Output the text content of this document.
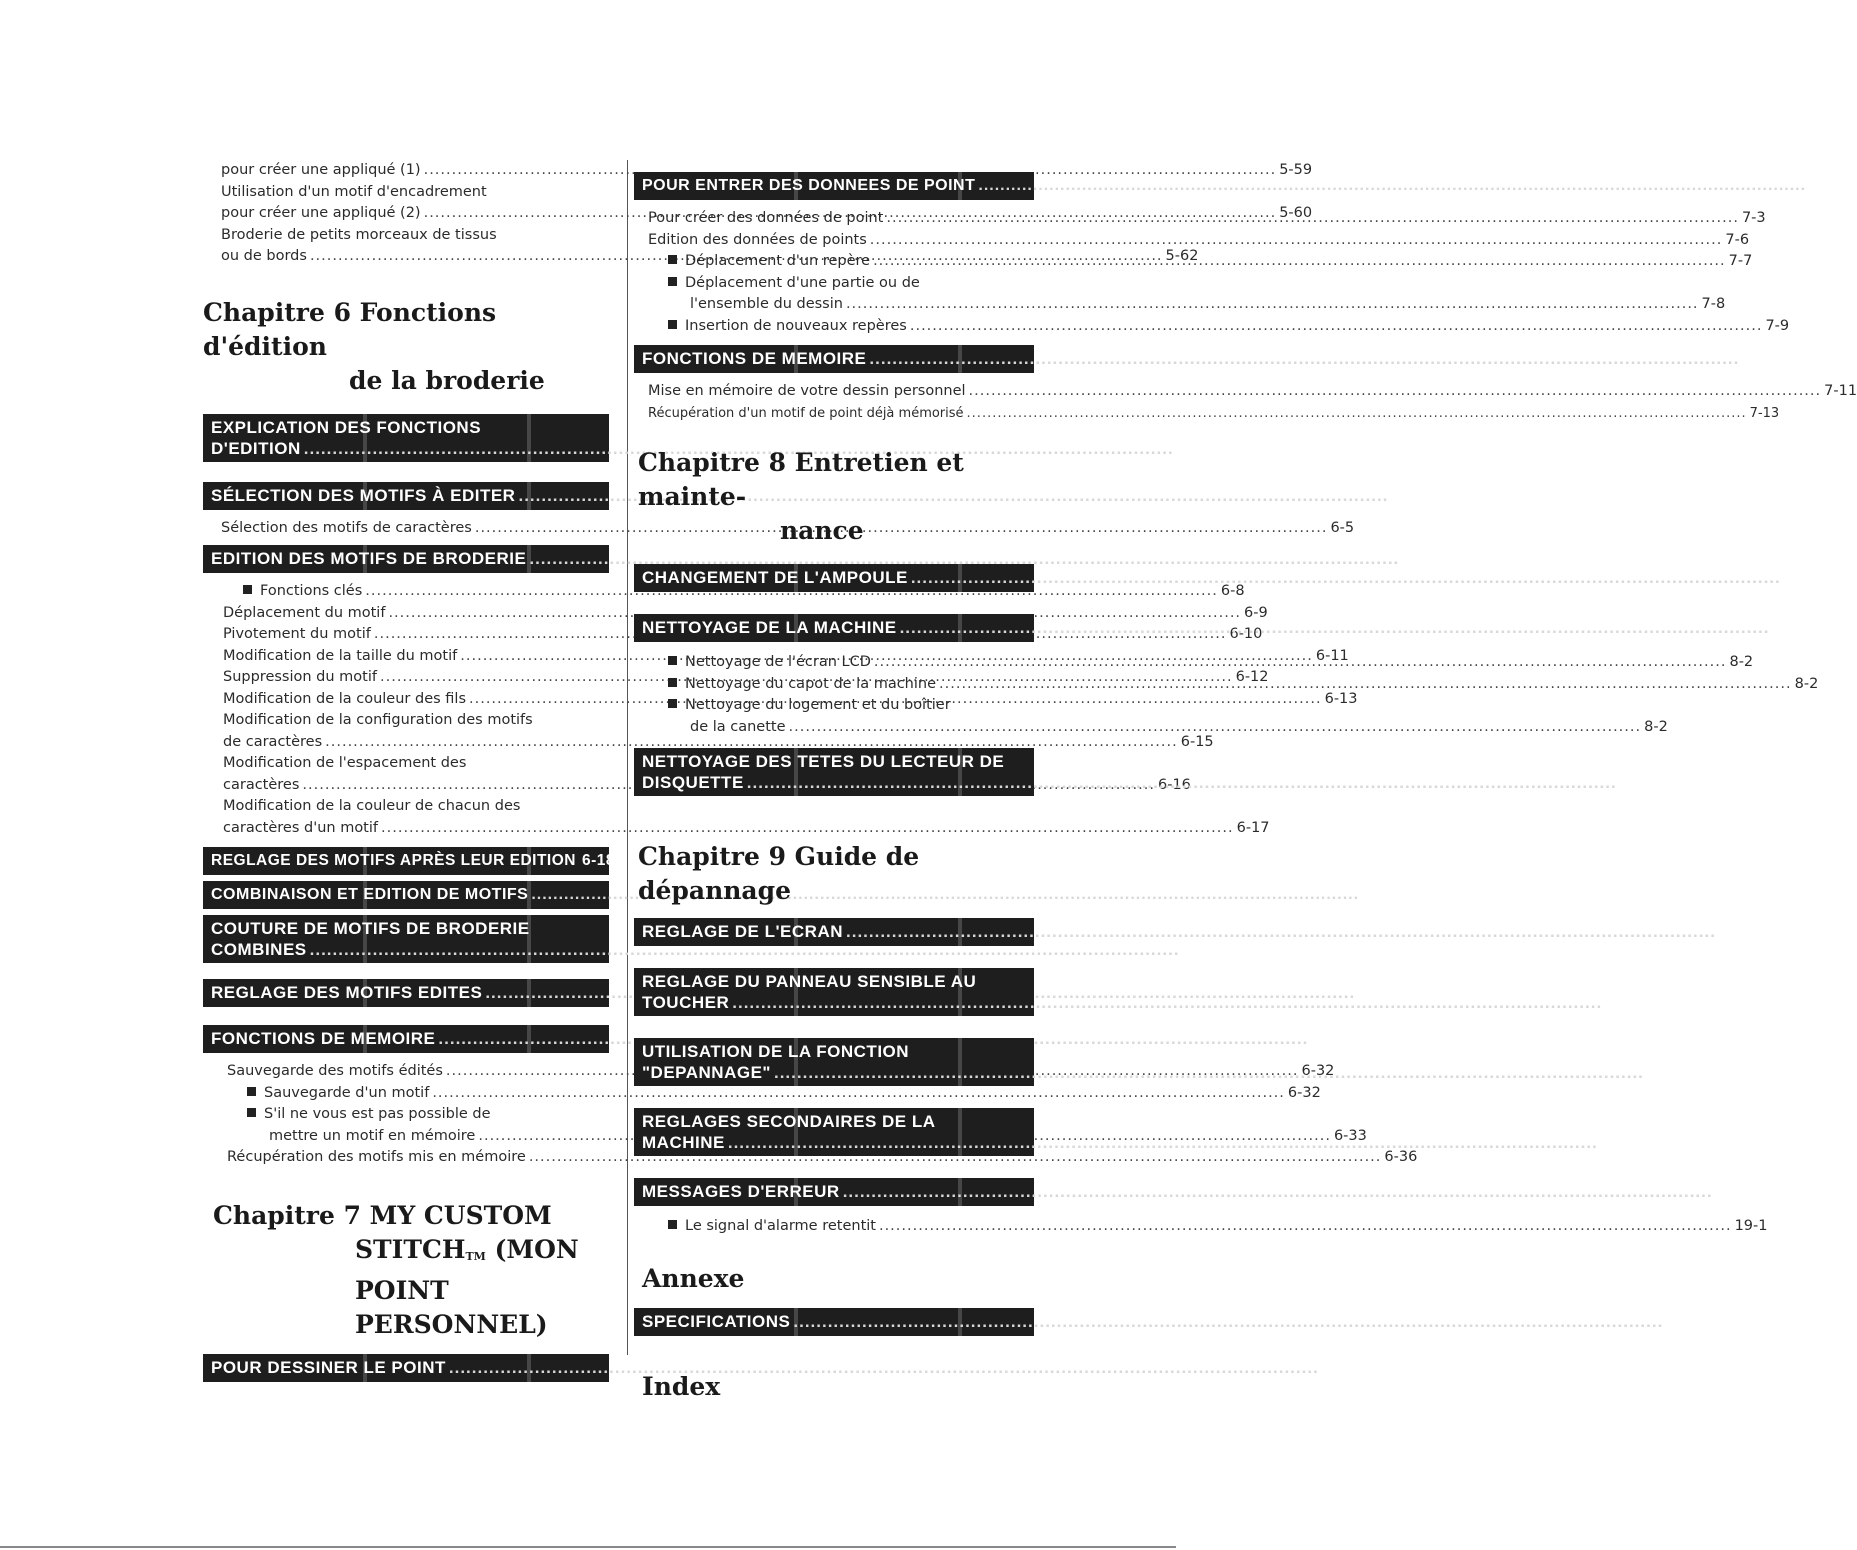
pour créer une appliqué (1) .....	5-59
Utilisation d'un motif d'encadrement
pour créer une appliqué (2) .....	5-60
Broderie de petits morceaux de tissus
ou de bords .....	5-62
Chapitre 6 Fonctions d'édition
de la broderie
EXPLICATION DES FONCTIONS
D'EDITION .....	6-1
SÉLECTION DES MOTIFS À EDITER .....	6-2
Sélection des motifs de caractères .....	6-5
EDITION DES MOTIFS DE BRODERIE .....	6-8
Fonctions clés .....	6-8
Déplacement du motif .....	6-9
Pivotement du motif .....	6-10
Modification de la taille du motif .....	6-11
Suppression du motif .....	6-12
Modification de la couleur des fils .....	6-13
Modification de la configuration des motifs
de caractères .....	6-15
Modification de l'espacement des
caractères .....	6-16
Modification de la couleur de chacun des
caractères d'un motif .....	6-17
REGLAGE DES MOTIFS APRÈS LEUR EDITION 6-18
COMBINAISON ET EDITION DE MOTIFS .....	6-20
COUTURE DE MOTIFS DE BRODERIE
COMBINES .....	6-28
REGLAGE DES MOTIFS EDITES .....	6-30
FONCTIONS DE MEMOIRE .....	6-32
Sauvegarde des motifs édités .....	6-32
Sauvegarde d'un motif .....	6-32
S'il ne vous est pas possible de
mettre un motif en mémoire .....	6-33
Récupération des motifs mis en mémoire .....	6-36
Chapitre 7 MY CUSTOM
STITCHTM (MON
POINT PERSONNEL)
POUR DESSINER LE POINT .....	7-1
POUR ENTRER DES DONNEES DE POINT .....	7-3
Pour créer des données de point .....	7-3
Edition des données de points .....	7-6
Déplacement d'un repère .....	7-7
Déplacement d'une partie ou de
l'ensemble du dessin .....	7-8
Insertion de nouveaux repères .....	7-9
FONCTIONS DE MEMOIRE .....	7-11
Mise en mémoire de votre dessin personnel .....	7-11
Récupération d'un motif de point déjà mémorisé .....	7-13
Chapitre 8 Entretien et mainte-
nance
CHANGEMENT DE L'AMPOULE .....	8-1
NETTOYAGE DE LA MACHINE .....	8-2
Nettoyage de l'écran LCD .....	8-2
Nettoyage du capot de la machine .....	8-2
Nettoyage du logement et du boîtier
de la canette .....	8-2
NETTOYAGE DES TETES DU LECTEUR DE
DISQUETTE .....	8-4
Chapitre 9 Guide de dépannage
REGLAGE DE L'ECRAN .....	9-1
REGLAGE DU PANNEAU SENSIBLE AU
TOUCHER .....	9-2
UTILISATION DE LA FONCTION
"DEPANNAGE" .....	9-3
REGLAGES SECONDAIRES DE LA
MACHINE .....	9-4
MESSAGES D'ERREUR .....	9-5
Le signal d'alarme retentit .....	19-1
Annexe
SPECIFICATIONS .....	A-1
Index
